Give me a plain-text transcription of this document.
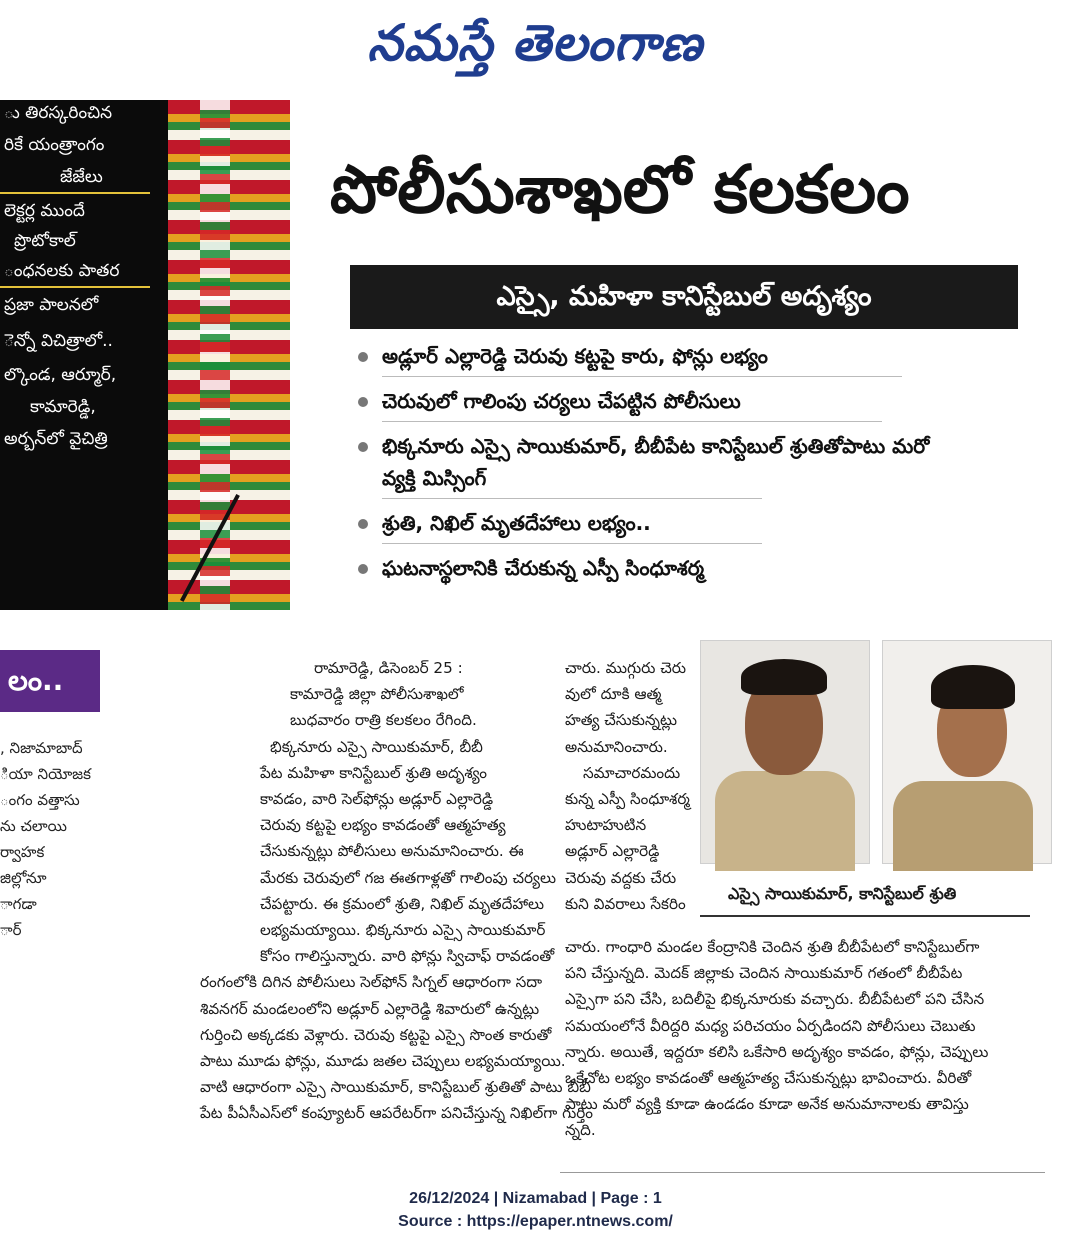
నమస్తే తెలంగాణ
ు తిరస్కరించిన
రికే యంత్రాంగం
జేజేలు
లెక్టర్ల ముందే
ప్రొటోకాల్
ంధనలకు పాతర
ప్రజా పాలనలో
ెన్నో విచిత్రాలో..
ల్కొండ, ఆర్మూర్,
కామారెడ్డి,
అర్బన్‌లో వైచిత్రి
లం..
, నిజామాబాద్
ియా నియోజక
ంగం వత్తాసు
ను చలాయి
ర్వాహక
జిల్లోనూ
ాగడా
ార్
పోలీసుశాఖలో కలకలం
ఎస్సై, మహిళా కానిస్టేబుల్ అదృశ్యం
అడ్లూర్ ఎల్లారెడ్డి చెరువు కట్టపై కారు, ఫోన్లు లభ్యం
చెరువులో గాలింపు చర్యలు చేపట్టిన పోలీసులు
భిక్కనూరు ఎస్సై సాయికుమార్, బీబీపేట కానిస్టేబుల్ శ్రుతితోపాటు మరో వ్యక్తి మిస్సింగ్
శ్రుతి, నిఖిల్ మృతదేహాలు లభ్యం..
ఘటనాస్థలానికి చేరుకున్న ఎస్పీ సింధూశర్మ
రామారెడ్డి, డిసెంబర్ 25 :
కామారెడ్డి జిల్లా పోలీసుశాఖలో
బుధవారం రాత్రి కలకలం రేగింది.
భిక్కనూరు ఎస్సై సాయికుమార్, బీబీ
పేట మహిళా కానిస్టేబుల్ శ్రుతి అదృశ్యం
కావడం, వారి సెల్‌ఫోన్లు అడ్లూర్ ఎల్లారెడ్డి
చెరువు కట్టపై లభ్యం కావడంతో ఆత్మహత్య
చేసుకున్నట్లు పోలీసులు అనుమానించారు. ఈ
మేరకు చెరువులో గజ ఈతగాళ్లతో గాలింపు చర్యలు
చేపట్టారు. ఈ క్రమంలో శ్రుతి, నిఖిల్ మృతదేహాలు
లభ్యమయ్యాయి. భిక్కనూరు ఎస్సై సాయికుమార్
కోసం గాలిస్తున్నారు. వారి ఫోన్లు స్విచాఫ్ రావడంతో
రంగంలోకి దిగిన పోలీసులు సెల్‌ఫోన్ సిగ్నల్ ఆధారంగా సదా
శివనగర్ మండలంలోని అడ్లూర్ ఎల్లారెడ్డి శివారులో ఉన్నట్లు
గుర్తించి అక్కడకు వెళ్లారు. చెరువు కట్టపై ఎస్సై సొంత కారుతో
పాటు మూడు ఫోన్లు, మూడు జతల చెప్పులు లభ్యమయ్యాయి.
వాటి ఆధారంగా ఎస్సై సాయికుమార్, కానిస్టేబుల్ శ్రుతితో పాటు బీబీ
పేట పీఏసీఎస్‌లో కంప్యూటర్ ఆపరేటర్‌గా పనిచేస్తున్న నిఖిల్‌గా గుర్తిం
చారు. ముగ్గురు చెరు
వులో దూకి ఆత్మ
హత్య చేసుకున్నట్లు
అనుమానించారు.
సమాచారమందు
కున్న ఎస్పీ సింధూశర్మ
హుటాహుటిన
అడ్లూర్ ఎల్లారెడ్డి
చెరువు వద్దకు చేరు
కుని వివరాలు సేకరిం
ఎస్సై సాయికుమార్, కానిస్టేబుల్ శ్రుతి
చారు. గాంధారి మండల కేంద్రానికి చెందిన శ్రుతి బీబీపేటలో కానిస్టేబుల్‌గా
పని చేస్తున్నది. మెదక్ జిల్లాకు చెందిన సాయికుమార్ గతంలో బీబీపేట
ఎస్సైగా పని చేసి, బదిలీపై భిక్కనూరుకు వచ్చారు. బీబీపేటలో పని చేసిన
సమయంలోనే వీరిద్దరి మధ్య పరిచయం ఏర్పడిందని పోలీసులు చెబుతు
న్నారు. అయితే, ఇద్దరూ కలిసి ఒకేసారి అదృశ్యం కావడం, ఫోన్లు, చెప్పులు
ఒకేచోట లభ్యం కావడంతో ఆత్మహత్య చేసుకున్నట్లు భావించారు. వీరితో
పాటు మరో వ్యక్తి కూడా ఉండడం కూడా అనేక అనుమానాలకు తావిస్తు
న్నది.
26/12/2024 | Nizamabad | Page : 1
Source : https://epaper.ntnews.com/
